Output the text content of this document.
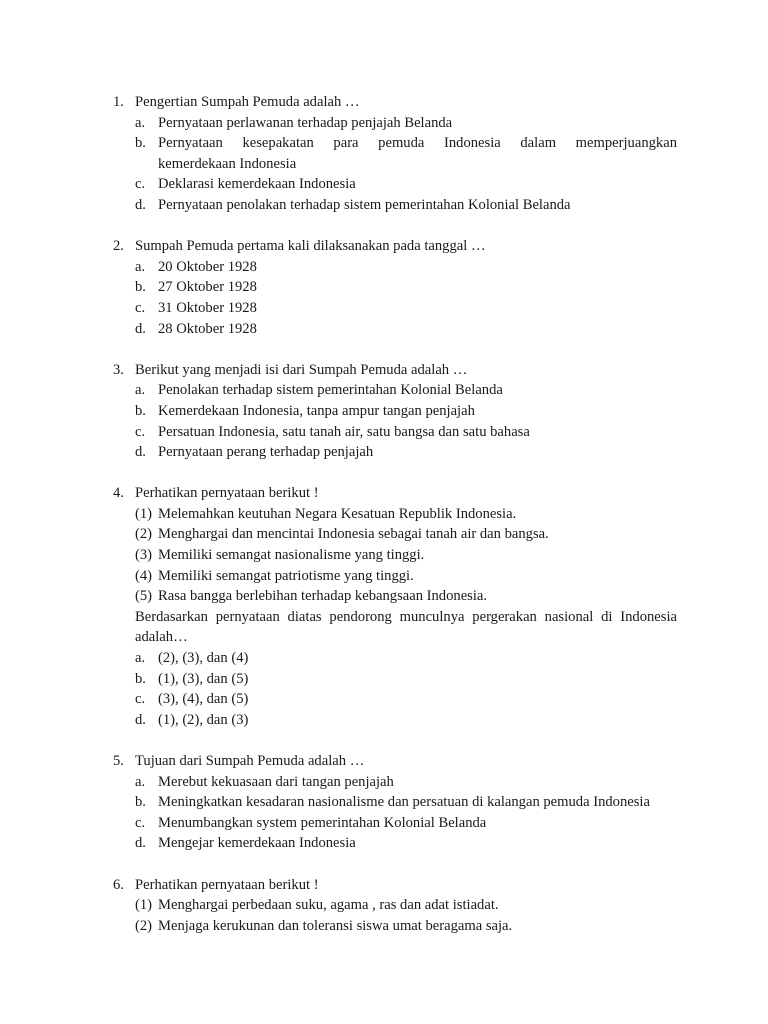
1. Pengertian Sumpah Pemuda adalah …
a. Pernyataan perlawanan terhadap penjajah Belanda
b. Pernyataan kesepakatan para pemuda Indonesia dalam memperjuangkan
kemerdekaan Indonesia
c. Deklarasi kemerdekaan Indonesia
d. Pernyataan penolakan terhadap sistem pemerintahan Kolonial Belanda
2. Sumpah Pemuda pertama kali dilaksanakan pada tanggal …
a. 20 Oktober 1928
b. 27 Oktober 1928
c. 31 Oktober 1928
d. 28 Oktober 1928
3. Berikut yang menjadi isi dari Sumpah Pemuda adalah …
a. Penolakan terhadap sistem pemerintahan Kolonial Belanda
b. Kemerdekaan Indonesia, tanpa ampur tangan penjajah
c. Persatuan Indonesia, satu tanah air, satu bangsa dan satu bahasa
d. Pernyataan perang terhadap penjajah
4. Perhatikan pernyataan berikut !
(1) Melemahkan keutuhan Negara Kesatuan Republik Indonesia.
(2) Menghargai dan mencintai Indonesia sebagai tanah air dan bangsa.
(3) Memiliki semangat nasionalisme yang tinggi.
(4) Memiliki semangat patriotisme yang tinggi.
(5) Rasa bangga berlebihan terhadap kebangsaan Indonesia.
Berdasarkan pernyataan diatas pendorong munculnya pergerakan nasional di Indonesia
adalah…
a. (2), (3), dan (4)
b. (1), (3), dan (5)
c. (3), (4), dan (5)
d. (1), (2), dan (3)
5. Tujuan dari Sumpah Pemuda adalah …
a. Merebut kekuasaan dari tangan penjajah
b. Meningkatkan kesadaran nasionalisme dan persatuan di kalangan pemuda Indonesia
c. Menumbangkan system pemerintahan Kolonial Belanda
d. Mengejar kemerdekaan Indonesia
6. Perhatikan pernyataan berikut !
(1) Menghargai perbedaan suku, agama , ras dan adat istiadat.
(2) Menjaga kerukunan dan toleransi siswa umat beragama saja.
